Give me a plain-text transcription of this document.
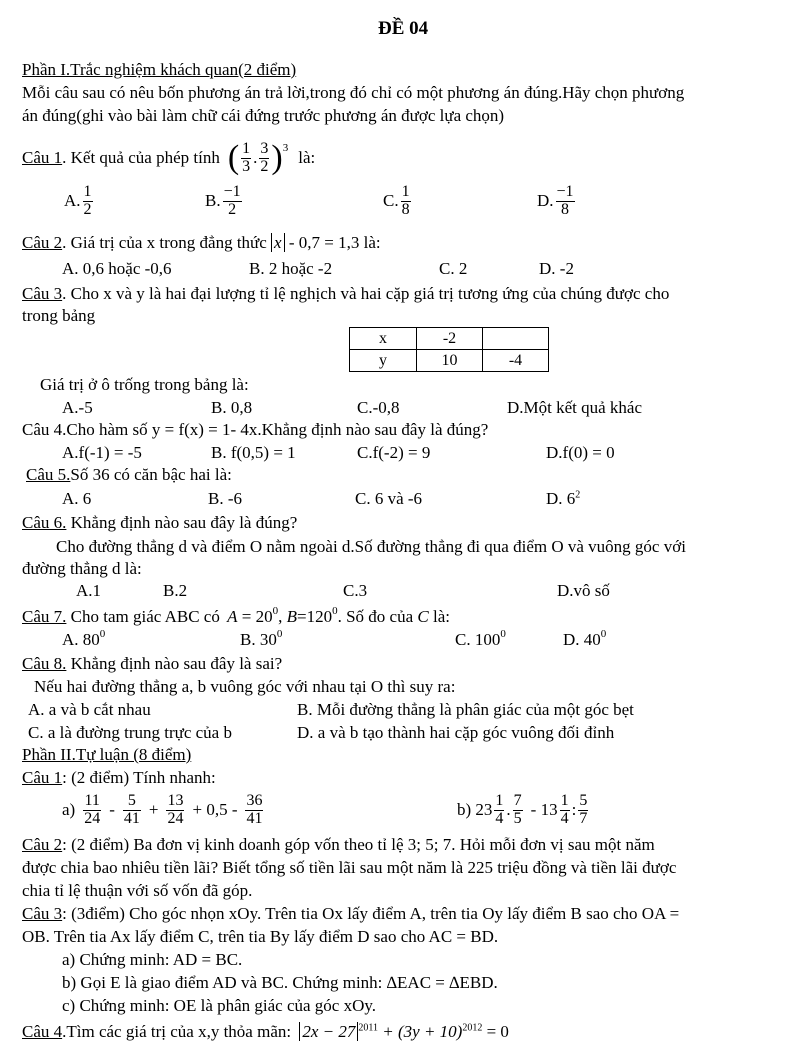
ĐỀ 04
Phần I.Trắc nghiệm khách quan(2 điểm)
Mỗi câu sau có nêu bốn phương án trả lời,trong đó chỉ có một phương án đúng.Hãy chọn phương
án đúng(ghi vào bài làm chữ cái đứng trước phương án được lựa chọn)
Câu 1 . Kết quả của phép tính ( $\frac{1}{3}$ . $\frac{3}{2} )^3$ là:
A. $\frac{1}{2}$	B. $\frac{-1}{2}$	C. $\frac{1}{8}$	D. $\frac{-1}{8}$
Câu 2. Giá trị của x trong đẳng thức x - 0,7 = 1,3 là:
A. 0,6 hoặc -0,6	B. 2 hoặc -2	C. 2	D. -2
Câu 3. Cho x và y là hai đại lượng tỉ lệ nghịch và hai cặp giá trị tương ứng của chúng được cho
trong bảng
x	-2	
y	10	-4
Giá trị ở ô trống trong bảng là:
A.-5	B. 0,8	C.-0,8	D.Một kết quả khác
Câu 4.Cho hàm số y = f(x) = 1- 4x.Khẳng định nào sau đây là đúng?
A.f(-1) = -5	B. f(0,5) = 1	C.f(-2) = 9	D.f(0) = 0
Câu 5.Số 36 có căn bậc hai là:
A. 6	B. -6	C. 6 và -6	D. $6^2$
Câu 6. Khẳng định nào sau đây là đúng?
Cho đường thẳng d và điểm O nằm ngoài d.Số đường thẳng đi qua điểm O và vuông góc với
đường thẳng d là:
A.1	B.2	C.3	D.vô số
Câu 7. Cho tam giác ABC có $A = 20^0$, $B=120^0$. Số đo của C là:
A. $80^0$	B. $30^0$	C. $100^0$	D. $40^0$
Câu 8. Khẳng định nào sau đây là sai?
Nếu hai đường thẳng a, b vuông góc với nhau tại O thì suy ra:
A. a và b cắt nhau	B. Mỗi đường thẳng là phân giác của một góc bẹt
C. a là đường trung trực của b	D. a và b tạo thành hai cặp góc vuông đối đỉnh
Phần II.Tự luận (8 điểm)
Câu 1: (2 điểm) Tính nhanh:
$a) \frac{11}{24} - \frac{5}{41} + \frac{13}{24} + 0,5 - \frac{36}{41}$	b) $23 \frac{1}{4}$ . $\frac{7}{5} - 13 \frac{1}{4}$ : $\frac{5}{7}$
Câu 2: (2 điểm) Ba đơn vị kinh doanh góp vốn theo tỉ lệ 3; 5; 7. Hỏi mỗi đơn vị sau một năm
được chia bao nhiêu tiền lãi? Biết tổng số tiền lãi sau một năm là 225 triệu đồng và tiền lãi được
chia tỉ lệ thuận với số vốn đã góp.
Câu 3: (3điểm) Cho góc nhọn xOy. Trên tia Ox lấy điểm A, trên tia Oy lấy điểm B sao cho OA =
OB. Trên tia Ax lấy điểm C, trên tia By lấy điểm D sao cho AC = BD.
a) Chứng minh: AD = BC.
b) Gọi E là giao điểm AD và BC. Chứng minh: ∆EAC = ∆EBD.
c) Chứng minh: OE là phân giác của góc xOy.
Câu 4.Tìm các giá trị của x,y thỏa mãn: 2x − 27 $^{2011} + (3y + 10)^{2012} = 0$
